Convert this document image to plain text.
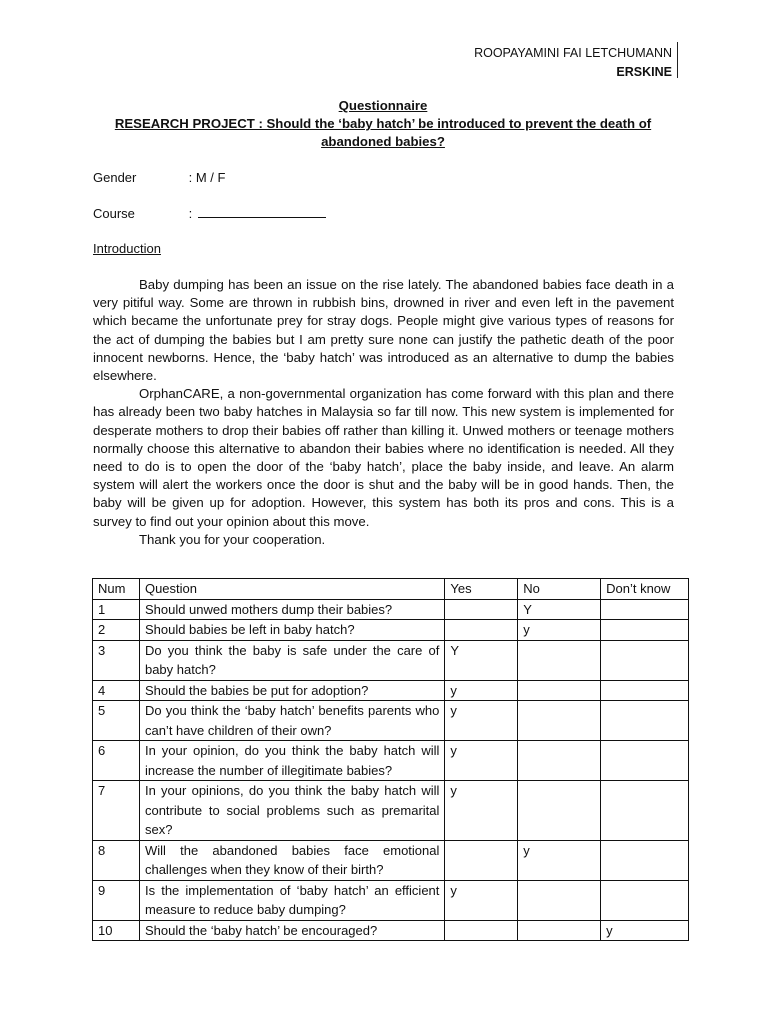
ROOPAYAMINI FAI LETCHUMANN
ERSKINE
Questionnaire
RESEARCH PROJECT : Should the ‘baby hatch’ be introduced to prevent the death of
abandoned babies?
Gender	: M / F
Course	:
Introduction

Baby dumping has been an issue on the rise lately. The abandoned babies face death in a very pitiful way. Some are thrown in rubbish bins, drowned in river and even left in the pavement which became the unfortunate prey for stray dogs. People might give various types of reasons for the act of dumping the babies but I am pretty sure none can justify the pathetic death of the poor innocent newborns. Hence, the ‘baby hatch’ was introduced as an alternative to dump the babies elsewhere.

OrphanCARE, a non-governmental organization has come forward with this plan and there has already been two baby hatches in Malaysia so far till now. This new system is implemented for desperate mothers to drop their babies off rather than killing it. Unwed mothers or teenage mothers normally choose this alternative to abandon their babies where no identification is needed. All they need to do is to open the door of the ‘baby hatch’, place the baby inside, and leave. An alarm system will alert the workers once the door is shut and the baby will be in good hands. Then, the baby will be given up for adoption. However, this system has both its pros and cons. This is a survey to find out your opinion about this move.

Thank you for your cooperation.

Num	Question	Yes	No	Don’t know
1	Should unwed mothers dump their babies?		Y	
2	Should babies be left in baby hatch?		y	
3	Do you think the baby is safe under the care of baby hatch?	Y		
4	Should the babies be put for adoption?	y		
5	Do you think the ‘baby hatch’ benefits parents who can’t have children of their own?	y		
6	In your opinion, do you think the baby hatch will increase the number of illegitimate babies?	y		
7	In your opinions, do you think the baby hatch will contribute to social problems such as premarital sex?	y		
8	Will the abandoned babies face emotional challenges when they know of their birth?		y	
9	Is the implementation of ‘baby hatch’ an efficient measure to reduce baby dumping?	y		
10	Should the ‘baby hatch’ be encouraged?			y
